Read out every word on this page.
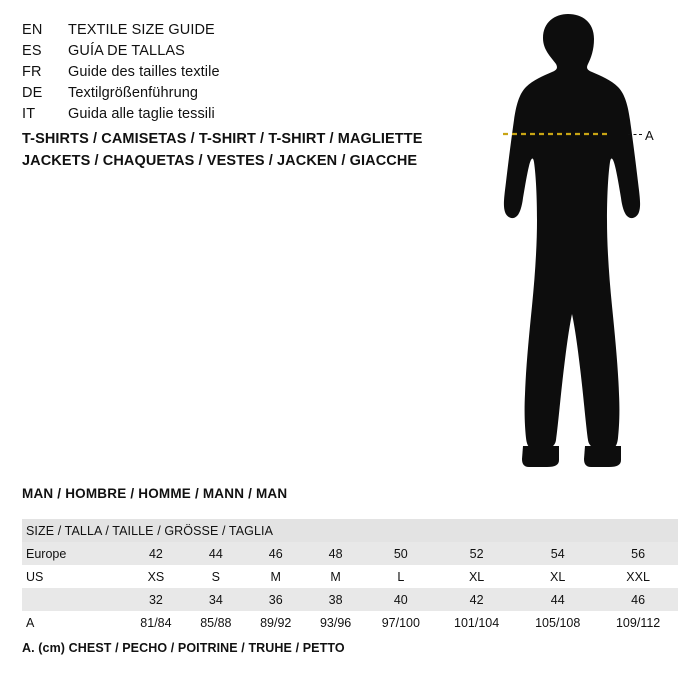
EN	TEXTILE SIZE GUIDE
ES	GUÍA DE TALLAS
FR	Guide des tailles textile
DE	Textilgrößenführung
IT	Guida alle taglie tessili
T-SHIRTS / CAMISETAS / T-SHIRT / T-SHIRT / MAGLIETTE
JACKETS / CHAQUETAS / VESTES / JACKEN / GIACCHE
A
MAN / HOMBRE / HOMME / MANN / MAN
SIZE / TALLA / TAILLE / GRÖSSE / TAGLIA								
Europe	42	44	46	48	50	52	54	56
US	XS	S	M	M	L	XL	XL	XXL
	32	34	36	38	40	42	44	46
A	81/84	85/88	89/92	93/96	97/100	101/104	105/108	109/112
A. (cm) CHEST / PECHO / POITRINE / TRUHE / PETTO
